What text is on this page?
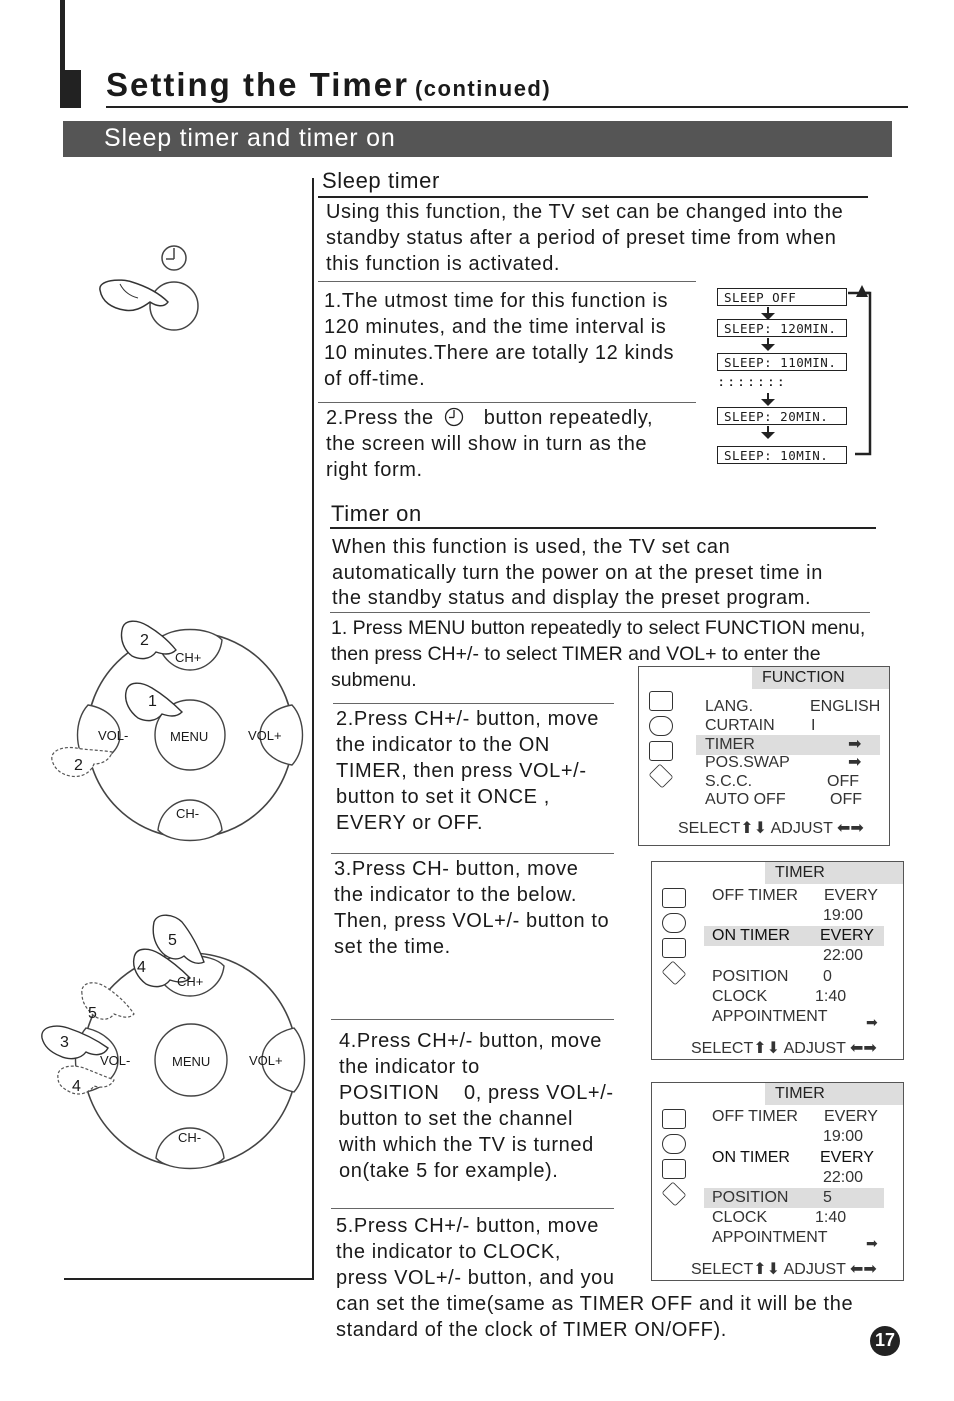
Setting the Timer (continued)
Sleep timer and timer on
Sleep timer
Using this function, the TV set can be changed into the
standby status after a period of preset time from when
this function is activated.
1.The utmost time for this function is
120 minutes, and the time interval is
10 minutes.There are totally 12 kinds
of off-time.
2.Press the	button repeatedly,
the screen will show in turn as the
right form.
SLEEP OFF
SLEEP: 120MIN.
SLEEP: 110MIN.
: : : : : : :
SLEEP: 20MIN.
SLEEP: 10MIN.
Timer on
When this function is used, the TV set can
automatically turn the power on at the preset time in
the standby status and display the preset program.
1. Press MENU button repeatedly to select FUNCTION menu,
then press CH+/- to select TIMER and VOL+ to enter the
submenu.
2.Press CH+/- button, move
the indicator to the ON
TIMER, then press VOL+/-
button to set it ONCE ,
EVERY or OFF.
3.Press CH- button, move
the indicator to the below.
Then, press VOL+/- button to
set the time.
4.Press CH+/- button, move
the indicator to
POSITION    0, press VOL+/-
button to set the channel
with which the TV is turned
on(take 5 for example).
5.Press CH+/- button, move
the indicator to CLOCK,
press VOL+/- button, and you
can set the time(same as TIMER OFF and it will be the
standard of the clock of TIMER ON/OFF).
FUNCTION
LANG.	ENGLISH
CURTAIN I
TIMER	➡
POS.SWAP	➡
S.C.C.	OFF
AUTO OFF	OFF
SELECT⬆⬇ ADJUST ⬅➡
TIMER
OFF TIMER EVERY
19:00
ON TIMER EVERY
22:00
POSITION 0
CLOCK	1:40
APPOINTMENT	➡
SELECT⬆⬇ ADJUST ⬅➡
TIMER
OFF TIMER EVERY
19:00
ON TIMER EVERY
22:00
POSITION 5
CLOCK	1:40
APPOINTMENT	➡
SELECT⬆⬇ ADJUST ⬅➡
CH+
CH-
VOL-	VOL+
MENU
2
1
2
CH+
CH-
VOL-	VOL+
MENU
5
4
5
3
4
17
